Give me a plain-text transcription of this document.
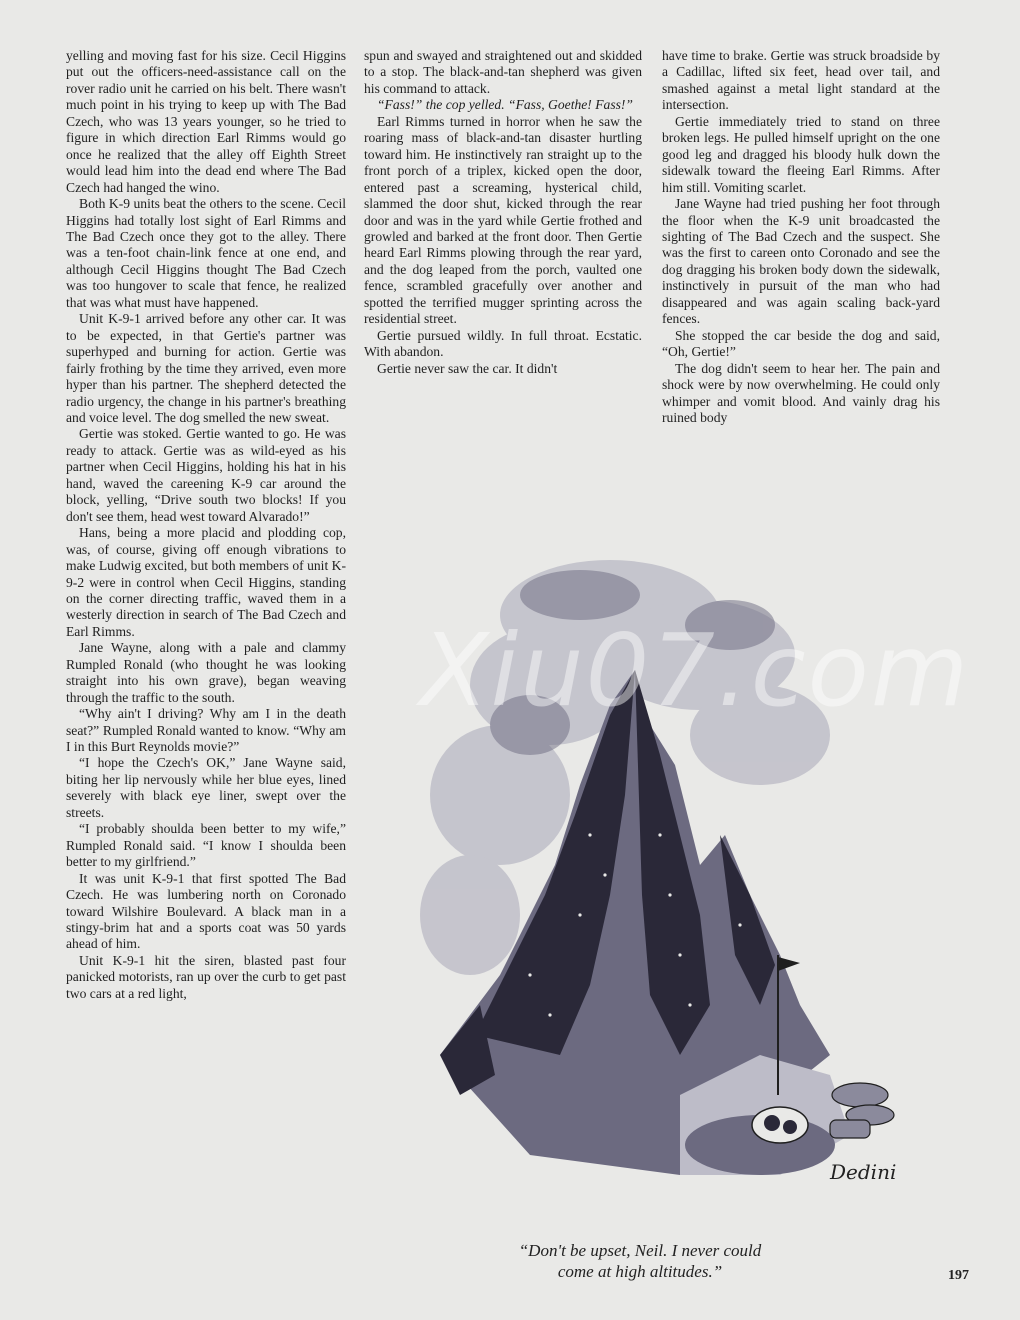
yelling and moving fast for his size. Cecil Higgins put out the officers-need-assistance call on the rover radio unit he carried on his belt. There wasn't much point in his trying to keep up with The Bad Czech, who was 13 years younger, so he tried to figure in which direction Earl Rimms would go once he realized that the alley off Eighth Street would lead him into the dead end where The Bad Czech had hanged the wino.

Both K-9 units beat the others to the scene. Cecil Higgins had totally lost sight of Earl Rimms and The Bad Czech once they got to the alley. There was a ten-foot chain-link fence at one end, and although Cecil Higgins thought The Bad Czech was too hungover to scale that fence, he realized that was what must have happened.

Unit K-9-1 arrived before any other car. It was to be expected, in that Gertie's partner was superhyped and burning for action. Gertie was fairly frothing by the time they arrived, even more hyper than his partner. The shepherd detected the radio urgency, the change in his partner's breathing and voice level. The dog smelled the new sweat.

Gertie was stoked. Gertie wanted to go. He was ready to attack. Gertie was as wild-eyed as his partner when Cecil Higgins, holding his hat in his hand, waved the careening K-9 car around the block, yelling, “Drive south two blocks! If you don't see them, head west toward Alvarado!”

Hans, being a more placid and plodding cop, was, of course, giving off enough vibrations to make Ludwig excited, but both members of unit K-9-2 were in control when Cecil Higgins, standing on the corner directing traffic, waved them in a westerly direction in search of The Bad Czech and Earl Rimms.

Jane Wayne, along with a pale and clammy Rumpled Ronald (who thought he was looking straight into his own grave), began weaving through the traffic to the south.

“Why ain't I driving? Why am I in the death seat?” Rumpled Ronald wanted to know. “Why am I in this Burt Reynolds movie?”

“I hope the Czech's OK,” Jane Wayne said, biting her lip nervously while her blue eyes, lined severely with black eye liner, swept over the streets.

“I probably shoulda been better to my wife,” Rumpled Ronald said. “I know I shoulda been better to my girlfriend.”

It was unit K-9-1 that first spotted The Bad Czech. He was lumbering north on Coronado toward Wilshire Boulevard. A black man in a stingy-brim hat and a sports coat was 50 yards ahead of him.

Unit K-9-1 hit the siren, blasted past four panicked motorists, ran up over the curb to get past two cars at a red light,

spun and swayed and straightened out and skidded to a stop. The black-and-tan shepherd was given his command to attack.

“Fass!” the cop yelled. “Fass, Goethe! Fass!”

Earl Rimms turned in horror when he saw the roaring mass of black-and-tan disaster hurtling toward him. He instinctively ran straight up to the front porch of a triplex, kicked open the door, entered past a screaming, hysterical child, slammed the door shut, kicked through the rear door and was in the yard while Gertie frothed and growled and barked at the front door. Then Gertie heard Earl Rimms plowing through the rear yard, and the dog leaped from the porch, vaulted one fence, scrambled gracefully over another and spotted the terrified mugger sprinting across the residential street.

Gertie pursued wildly. In full throat. Ecstatic. With abandon.

Gertie never saw the car. It didn't

have time to brake. Gertie was struck broadside by a Cadillac, lifted six feet, head over tail, and smashed against a metal light standard at the intersection.

Gertie immediately tried to stand on three broken legs. He pulled himself upright on the one good leg and dragged his bloody hulk down the sidewalk toward the fleeing Earl Rimms. After him still. Vomiting scarlet.

Jane Wayne had tried pushing her foot through the floor when the K-9 unit broadcasted the sighting of The Bad Czech and the suspect. She was the first to careen onto Coronado and see the dog dragging his broken body down the sidewalk, instinctively in pursuit of the man who had disappeared and was again scaling back-yard fences.

She stopped the car beside the dog and said, “Oh, Gertie!”

The dog didn't seem to hear her. The pain and shock were by now overwhelming. He could only whimper and vomit blood. And vainly drag his ruined body

Xiu07.com
Dedini
“Don't be upset, Neil. I never could
come at high altitudes.”	197
